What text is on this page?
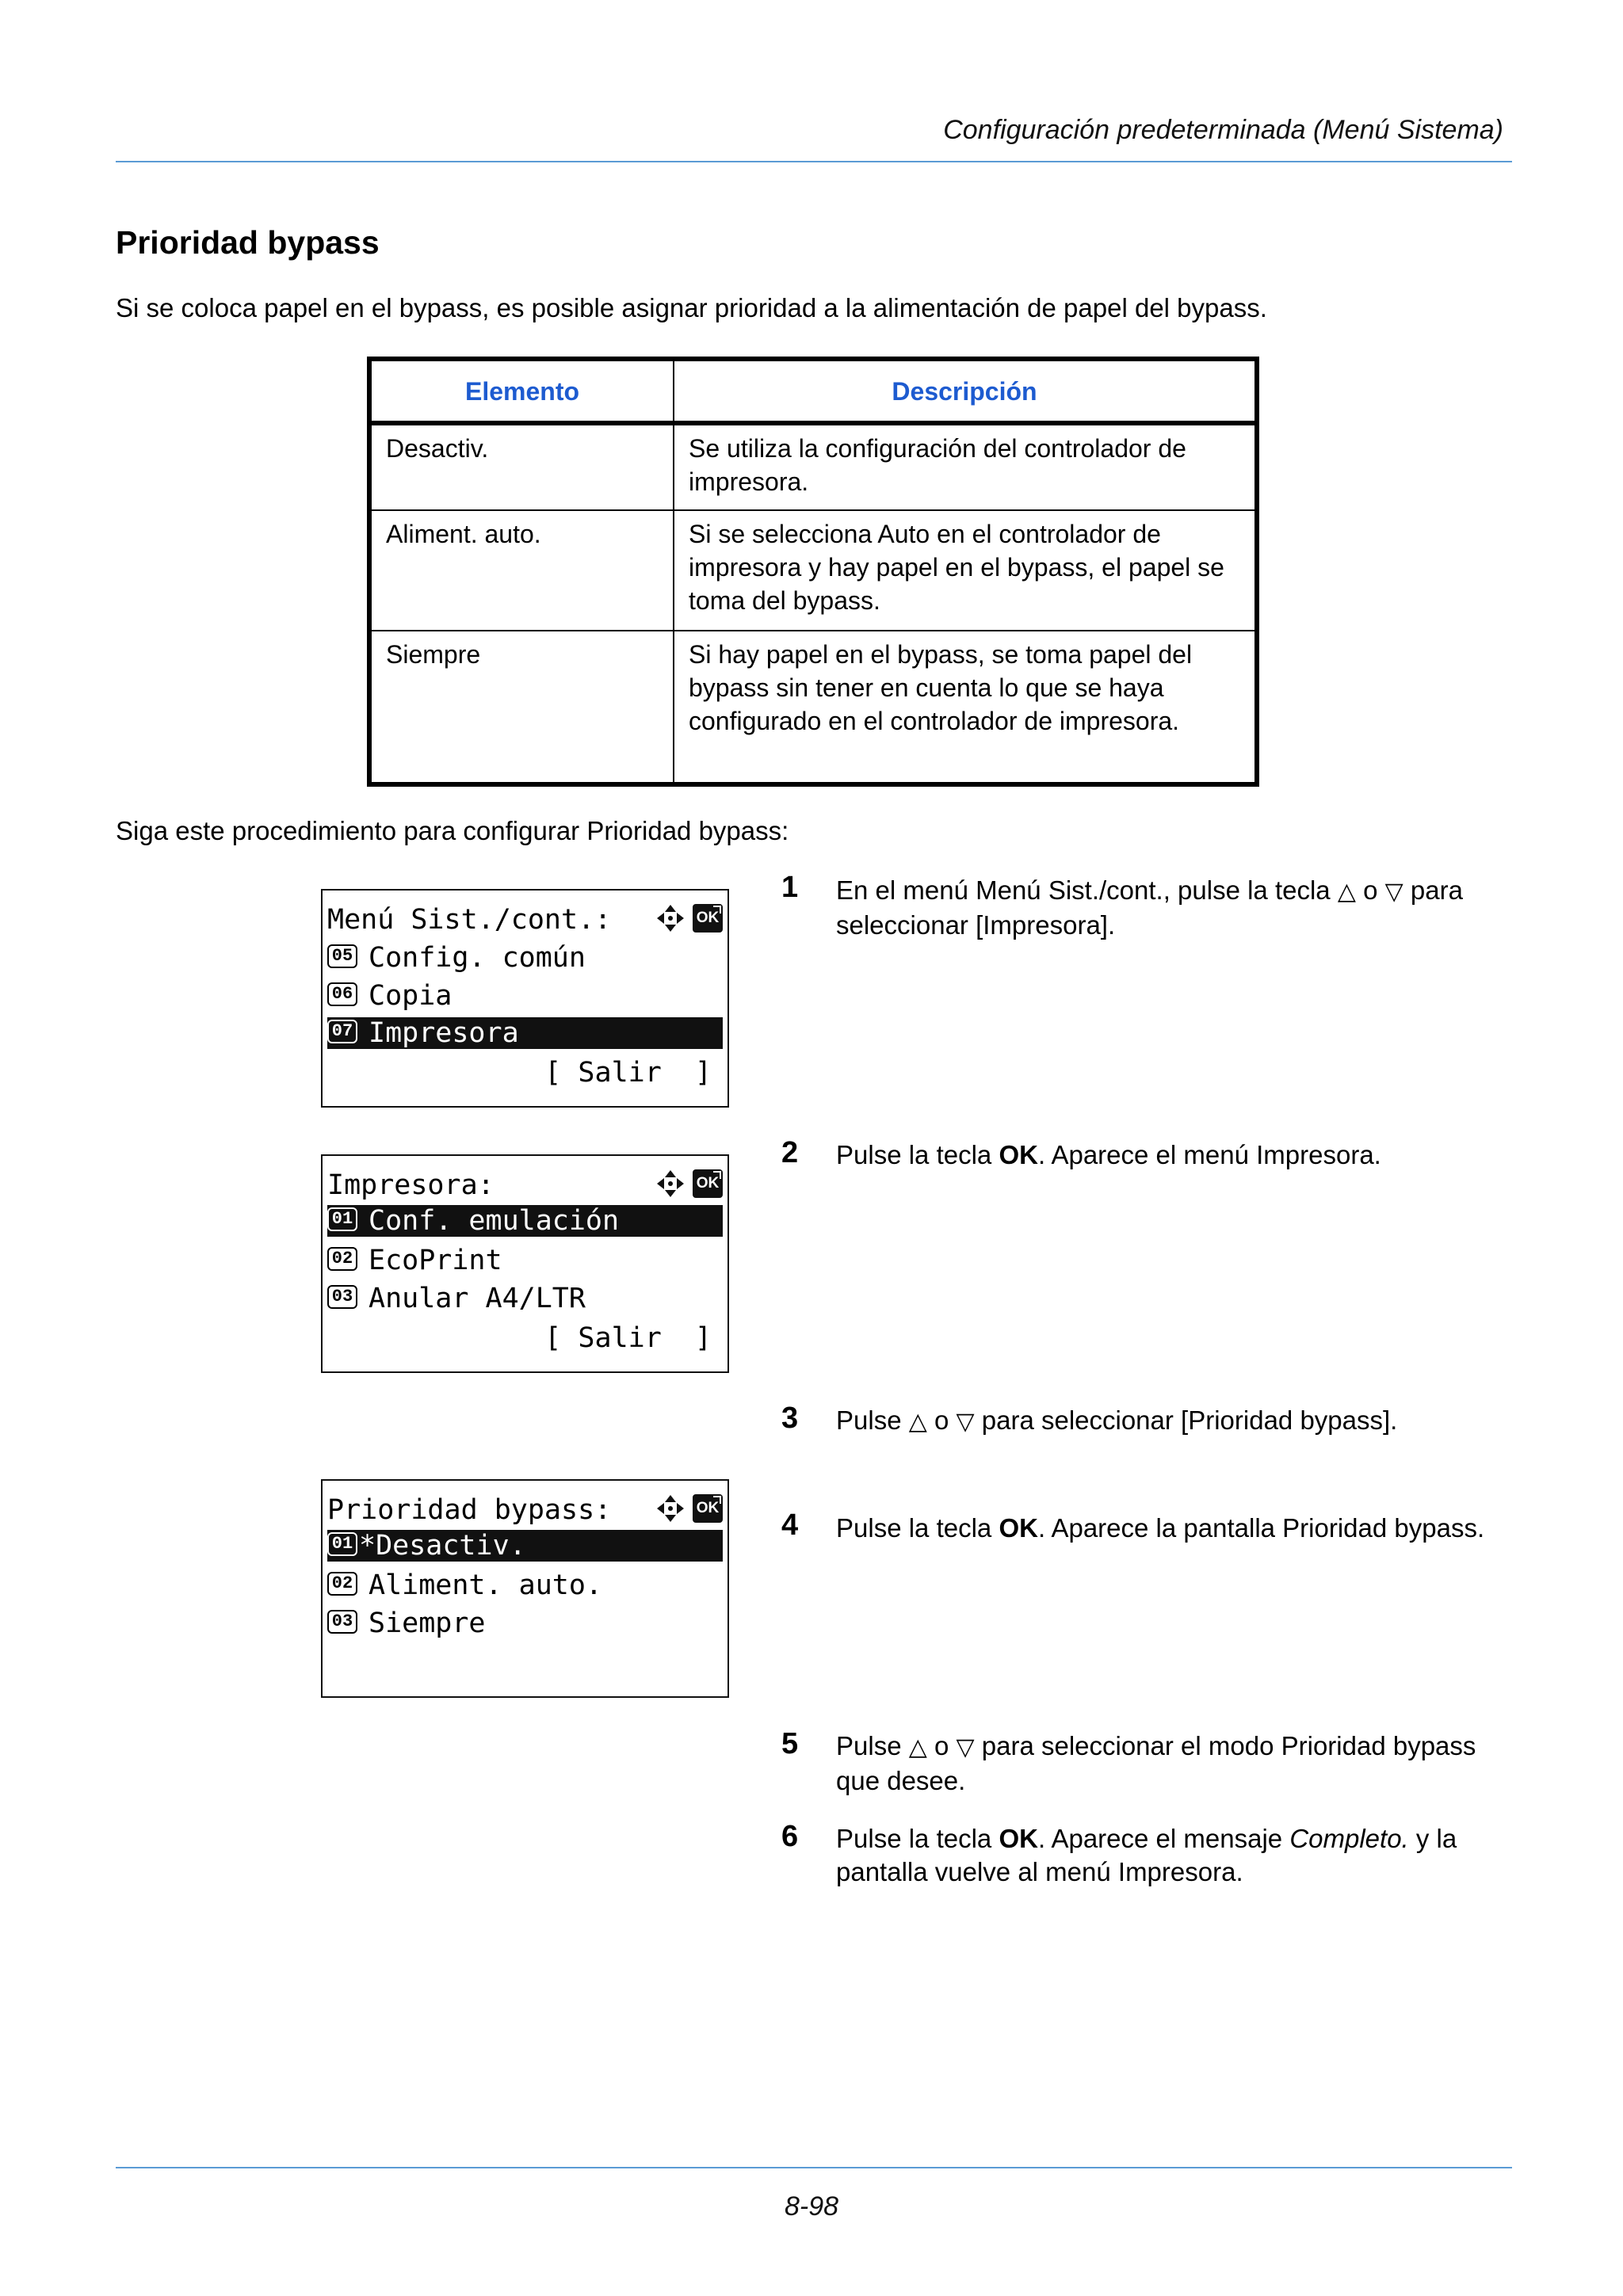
Configuración predeterminada (Menú Sistema)
Prioridad bypass
Si se coloca papel en el bypass, es posible asignar prioridad a la alimentación de papel del bypass.
Elemento	Descripción
Desactiv.	Se utiliza la configuración del controlador de impresora.
Aliment. auto.	Si se selecciona Auto en el controlador de impresora y hay papel en el bypass, el papel se toma del bypass.
Siempre	Si hay papel en el bypass, se toma papel del bypass sin tener en cuenta lo que se haya configurado en el controlador de impresora.
Siga este procedimiento para configurar Prioridad bypass:
Menú Sist./cont.:	OK
05 Config. común
06 Copia
07 Impresora
[ Salir  ]
Impresora:	OK
01 Conf. emulación
02 EcoPrint
03 Anular A4/LTR
[ Salir  ]
Prioridad bypass:	OK
01 *Desactiv.
02 Aliment. auto.
03 Siempre
1 En el menú Menú Sist./cont., pulse la tecla △ o ▽ para seleccionar [Impresora].
2 Pulse la tecla OK. Aparece el menú Impresora.
3 Pulse △ o ▽ para seleccionar [Prioridad bypass].
4 Pulse la tecla OK. Aparece la pantalla Prioridad bypass.
5 Pulse △ o ▽ para seleccionar el modo Prioridad bypass que desee.
6 Pulse la tecla OK. Aparece el mensaje Completo. y la pantalla vuelve al menú Impresora.
8-98
